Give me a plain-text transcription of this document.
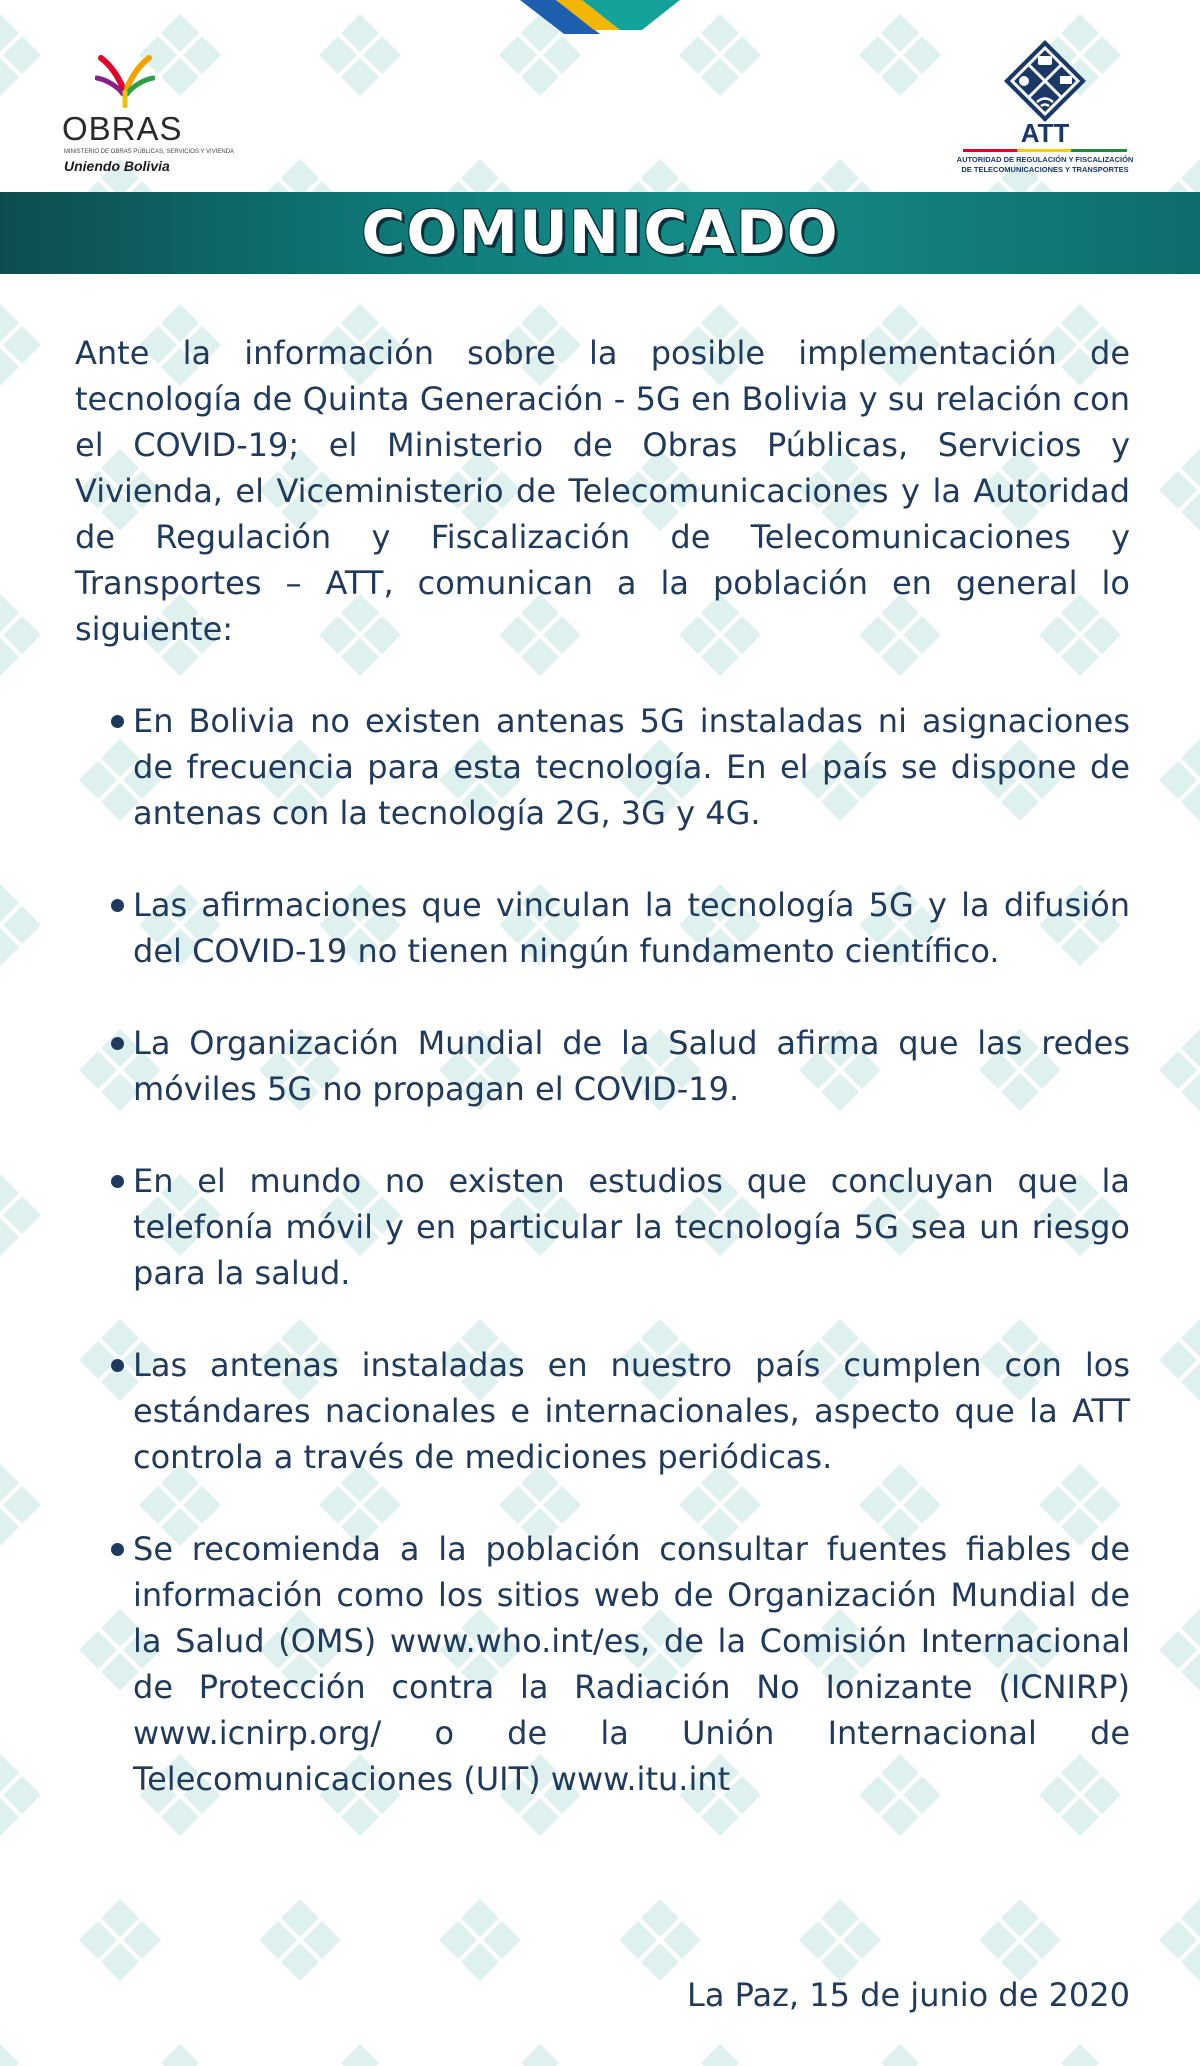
OBRAS
MINISTERIO DE OBRAS PÚBLICAS, SERVICIOS Y VIVIENDA
Uniendo Bolivia
ATT
AUTORIDAD DE REGULACIÓN Y FISCALIZACIÓN
DE TELECOMUNICACIONES Y TRANSPORTES
COMUNICADO

Ante la información sobre la posible implementación de tecnología de Quinta Generación - 5G en Bolivia y su relación con el COVID-19; el Ministerio de Obras Públicas, Servicios y Vivienda, el Viceministerio de Telecomunicaciones y la Autoridad de Regulación y Fiscalización de Telecomunicaciones y Transportes – ATT, comunican a la población en general lo siguiente:

En Bolivia no existen antenas 5G instaladas ni asignaciones de frecuencia para esta tecnología. En el país se dispone de antenas con la tecnología 2G, 3G y 4G.
Las afirmaciones que vinculan la tecnología 5G y la difusión del COVID-19 no tienen ningún fundamento científico.
La Organización Mundial de la Salud afirma que las redes móviles 5G no propagan el COVID-19.
En el mundo no existen estudios que concluyan que la telefonía móvil y en particular la tecnología 5G sea un riesgo para la salud.
Las antenas instaladas en nuestro país cumplen con los estándares nacionales e internacionales, aspecto que la ATT controla a través de mediciones periódicas.
Se recomienda a la población consultar fuentes fiables de información como los sitios web de Organización Mundial de la Salud (OMS) www.who.int/es, de la Comisión Internacional de Protección contra la Radiación No Ionizante (ICNIRP) www.icnirp.org/ o de la Unión Internacional de Telecomunicaciones (UIT) www.itu.int
La Paz, 15 de junio de 2020
